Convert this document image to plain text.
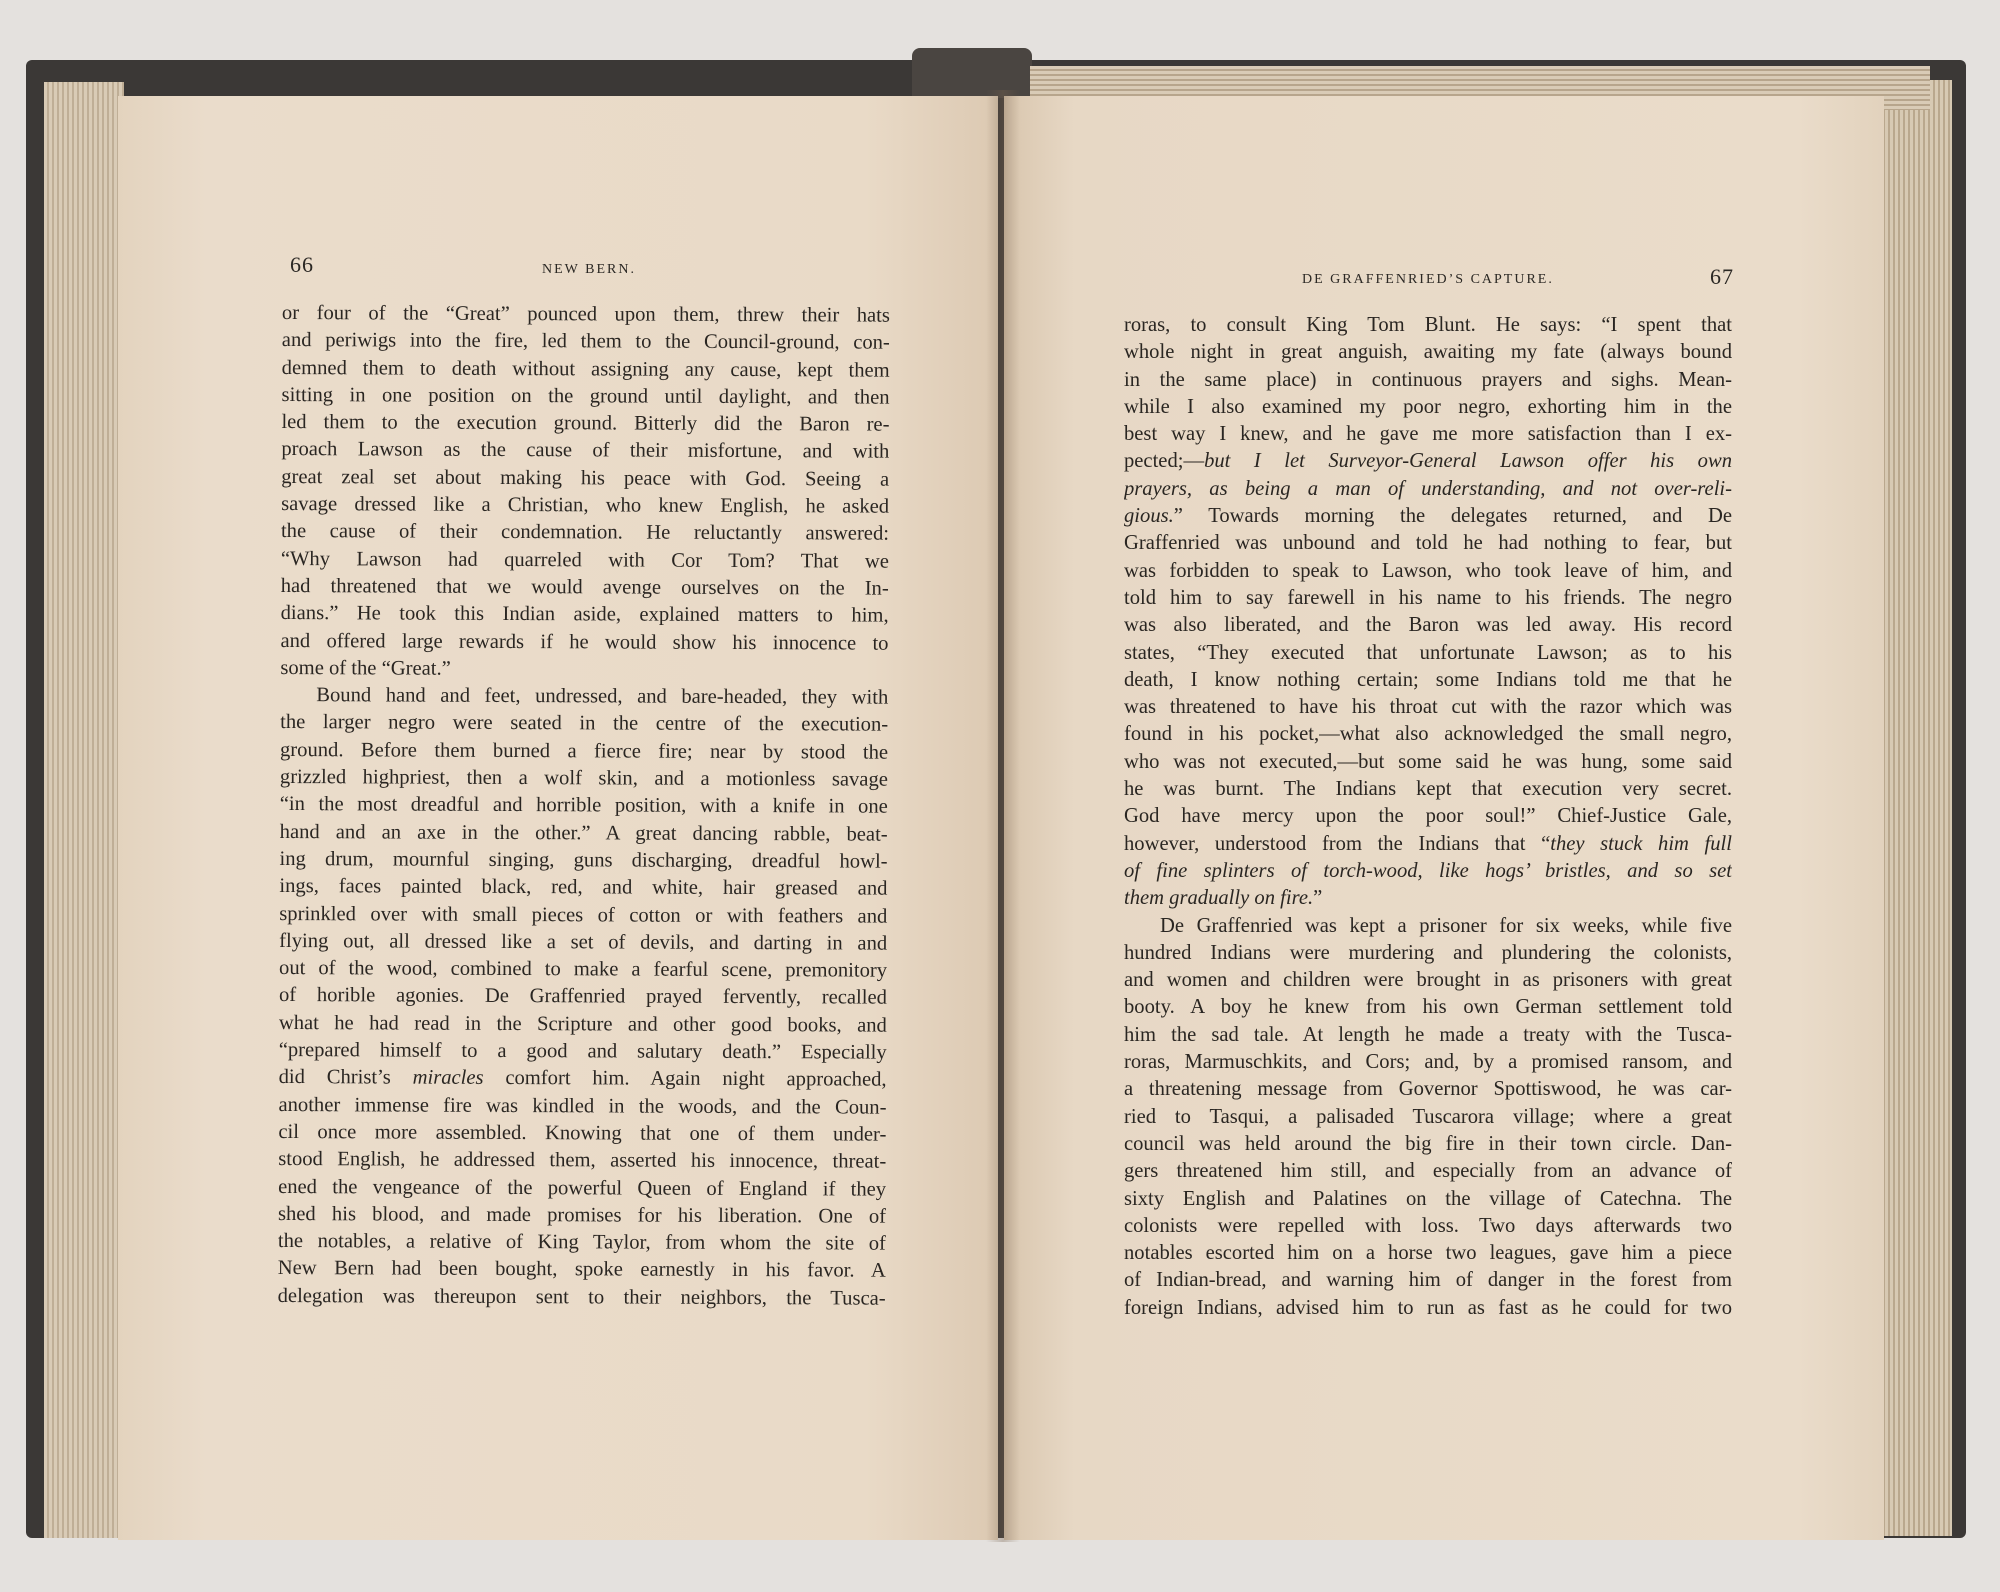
66	NEW BERN.
DE GRAFFENRIED’S CAPTURE.	67
or four of the “Great” pounced upon them, threw their hats
and periwigs into the fire, led them to the Council-ground, con-
demned them to death without assigning any cause, kept them
sitting in one position on the ground until daylight, and then
led them to the execution ground. Bitterly did the Baron re-
proach Lawson as the cause of their misfortune, and with
great zeal set about making his peace with God. Seeing a
savage dressed like a Christian, who knew English, he asked
the cause of their condemnation. He reluctantly answered:
“Why Lawson had quarreled with Cor Tom? That we
had threatened that we would avenge ourselves on the In-
dians.” He took this Indian aside, explained matters to him,
and offered large rewards if he would show his innocence to
some of the “Great.”
Bound hand and feet, undressed, and bare-headed, they with
the larger negro were seated in the centre of the execution-
ground. Before them burned a fierce fire; near by stood the
grizzled highpriest, then a wolf skin, and a motionless savage
“in the most dreadful and horrible position, with a knife in one
hand and an axe in the other.” A great dancing rabble, beat-
ing drum, mournful singing, guns discharging, dreadful howl-
ings, faces painted black, red, and white, hair greased and
sprinkled over with small pieces of cotton or with feathers and
flying out, all dressed like a set of devils, and darting in and
out of the wood, combined to make a fearful scene, premonitory
of horible agonies. De Graffenried prayed fervently, recalled
what he had read in the Scripture and other good books, and
“prepared himself to a good and salutary death.” Especially
did Christ’s miracles comfort him. Again night approached,
another immense fire was kindled in the woods, and the Coun-
cil once more assembled. Knowing that one of them under-
stood English, he addressed them, asserted his innocence, threat-
ened the vengeance of the powerful Queen of England if they
shed his blood, and made promises for his liberation. One of
the notables, a relative of King Taylor, from whom the site of
New Bern had been bought, spoke earnestly in his favor. A
delegation was thereupon sent to their neighbors, the Tusca-
roras, to consult King Tom Blunt. He says: “I spent that
whole night in great anguish, awaiting my fate (always bound
in the same place) in continuous prayers and sighs. Mean-
while I also examined my poor negro, exhorting him in the
best way I knew, and he gave me more satisfaction than I ex-
pected;—but I let Surveyor-General Lawson offer his own
prayers, as being a man of understanding, and not over-reli-
gious.” Towards morning the delegates returned, and De
Graffenried was unbound and told he had nothing to fear, but
was forbidden to speak to Lawson, who took leave of him, and
told him to say farewell in his name to his friends. The negro
was also liberated, and the Baron was led away. His record
states, “They executed that unfortunate Lawson; as to his
death, I know nothing certain; some Indians told me that he
was threatened to have his throat cut with the razor which was
found in his pocket,—what also acknowledged the small negro,
who was not executed,—but some said he was hung, some said
he was burnt. The Indians kept that execution very secret.
God have mercy upon the poor soul!” Chief-Justice Gale,
however, understood from the Indians that “they stuck him full
of fine splinters of torch-wood, like hogs’ bristles, and so set
them gradually on fire.”
De Graffenried was kept a prisoner for six weeks, while five
hundred Indians were murdering and plundering the colonists,
and women and children were brought in as prisoners with great
booty. A boy he knew from his own German settlement told
him the sad tale. At length he made a treaty with the Tusca-
roras, Marmuschkits, and Cors; and, by a promised ransom, and
a threatening message from Governor Spottiswood, he was car-
ried to Tasqui, a palisaded Tuscarora village; where a great
council was held around the big fire in their town circle. Dan-
gers threatened him still, and especially from an advance of
sixty English and Palatines on the village of Catechna. The
colonists were repelled with loss. Two days afterwards two
notables escorted him on a horse two leagues, gave him a piece
of Indian-bread, and warning him of danger in the forest from
foreign Indians, advised him to run as fast as he could for two
